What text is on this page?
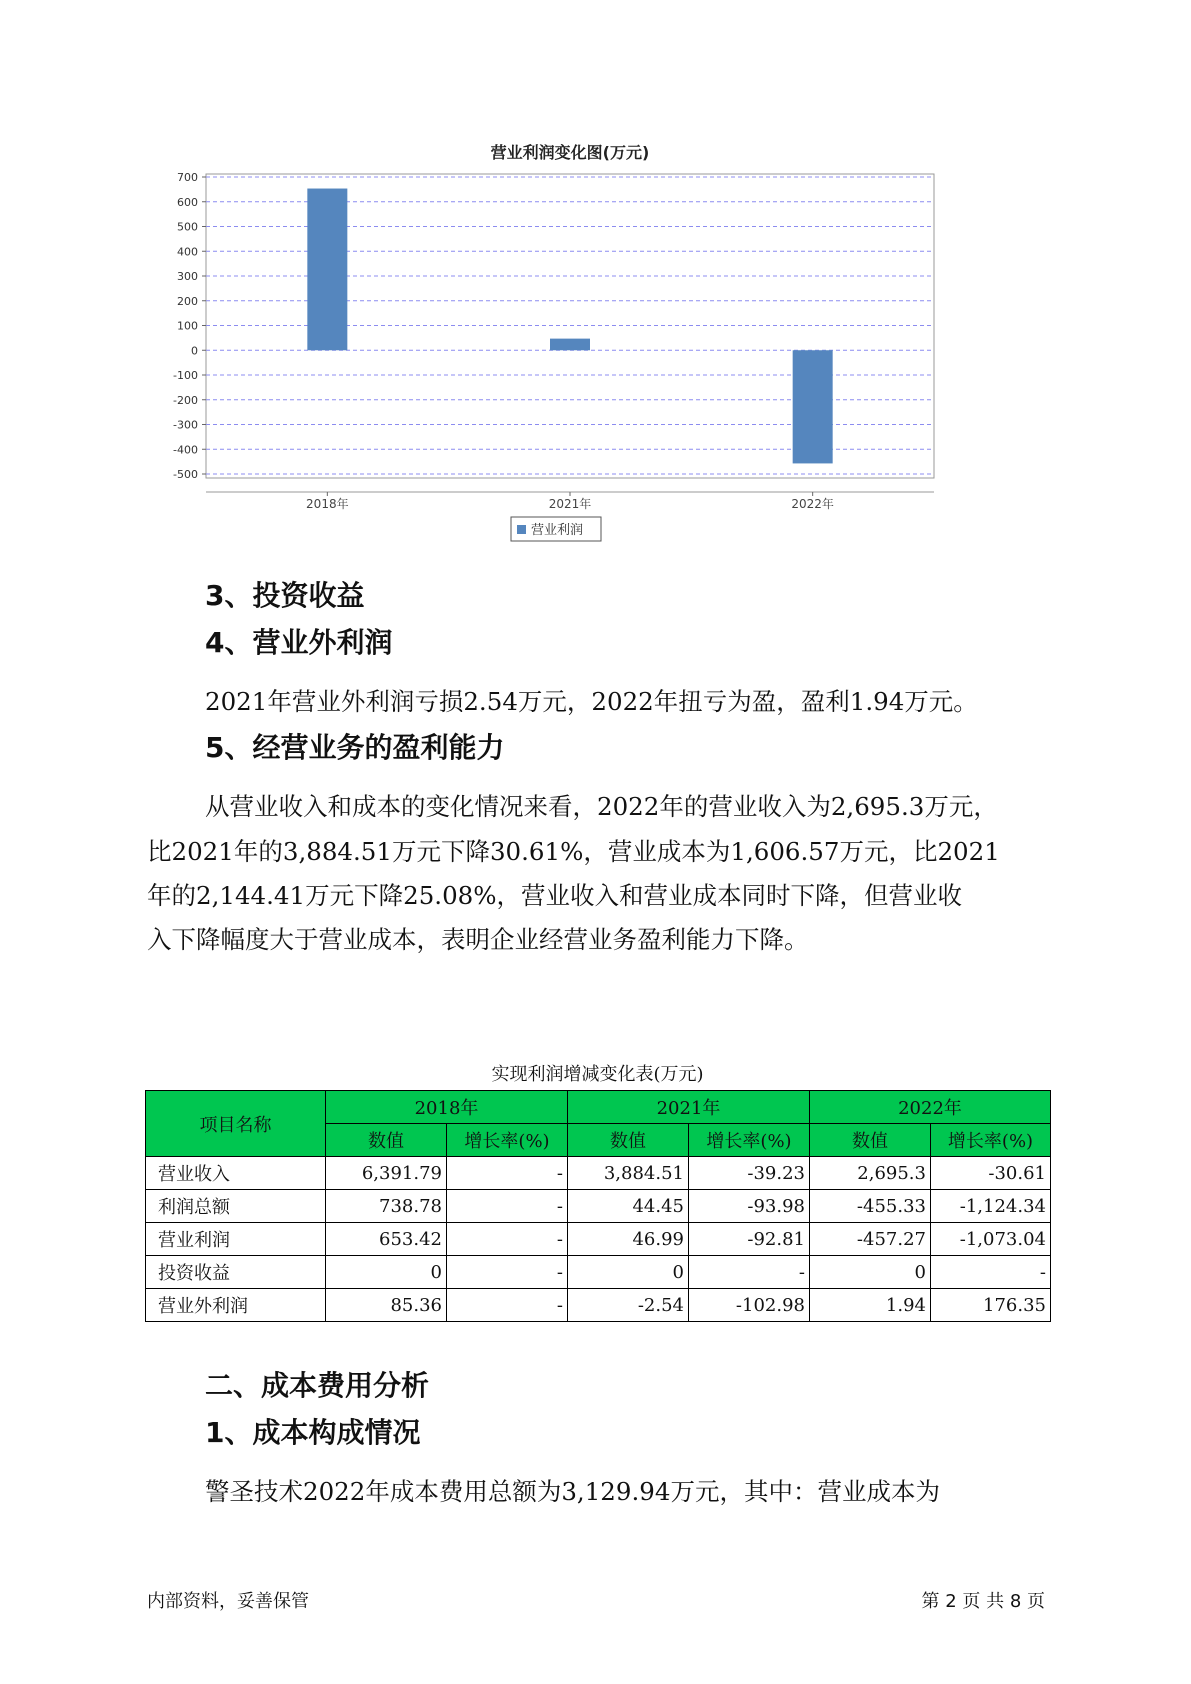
营业利润变化图(万元)
700
600
500
400
300
200
100
0
-100
-200
-300
-400
-500
2018年	2021年	2022年
营业利润
3、投资收益
4、营业外利润

2021年营业外利润亏损2.54万元，2022年扭亏为盈，盈利1.94万元。

5、经营业务的盈利能力

从营业收入和成本的变化情况来看，2022年的营业收入为2,695.3万元，

比2021年的3,884.51万元下降30.61%，营业成本为1,606.57万元，比2021

年的2,144.41万元下降25.08%，营业收入和营业成本同时下降，但营业收

入下降幅度大于营业成本，表明企业经营业务盈利能力下降。

实现利润增减变化表(万元)

项目名称	2018年		2021年		2022年	
	数值	增长率(%)	数值	增长率(%)	数值	增长率(%)
营业收入	6,391.79	-	3,884.51	-39.23	2,695.3	-30.61
利润总额	738.78	-	44.45	-93.98	-455.33	-1,124.34
营业利润	653.42	-	46.99	-92.81	-457.27	-1,073.04
投资收益	0	-	0	-	0	-
营业外利润	85.36	-	-2.54	-102.98	1.94	176.35
二、成本费用分析
1、成本构成情况

警圣技术2022年成本费用总额为3,129.94万元，其中：营业成本为

内部资料，妥善保管	第 2 页 共 8 页
